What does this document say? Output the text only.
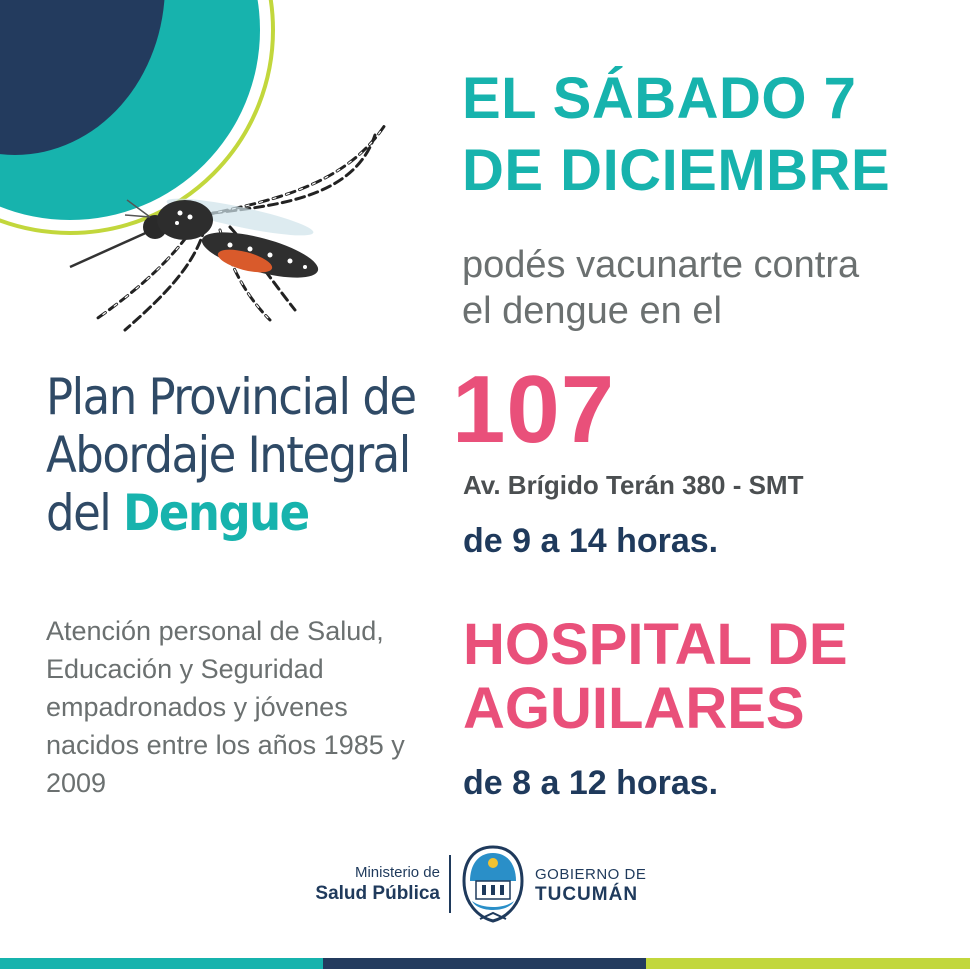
EL SÁBADO 7
DE DICIEMBRE
podés vacunarte contra
el dengue en el
107
Av. Brígido Terán 380 - SMT
de 9 a 14 horas.
HOSPITAL DE
AGUILARES
de 8 a 12 horas.
Plan Provincial de
Abordaje Integral
del Dengue
Atención personal de Salud, Educación y Seguridad empadronados y jóvenes nacidos entre los años 1985 y 2009
Ministerio de
Salud Pública
GOBIERNO DE
TUCUMÁN
